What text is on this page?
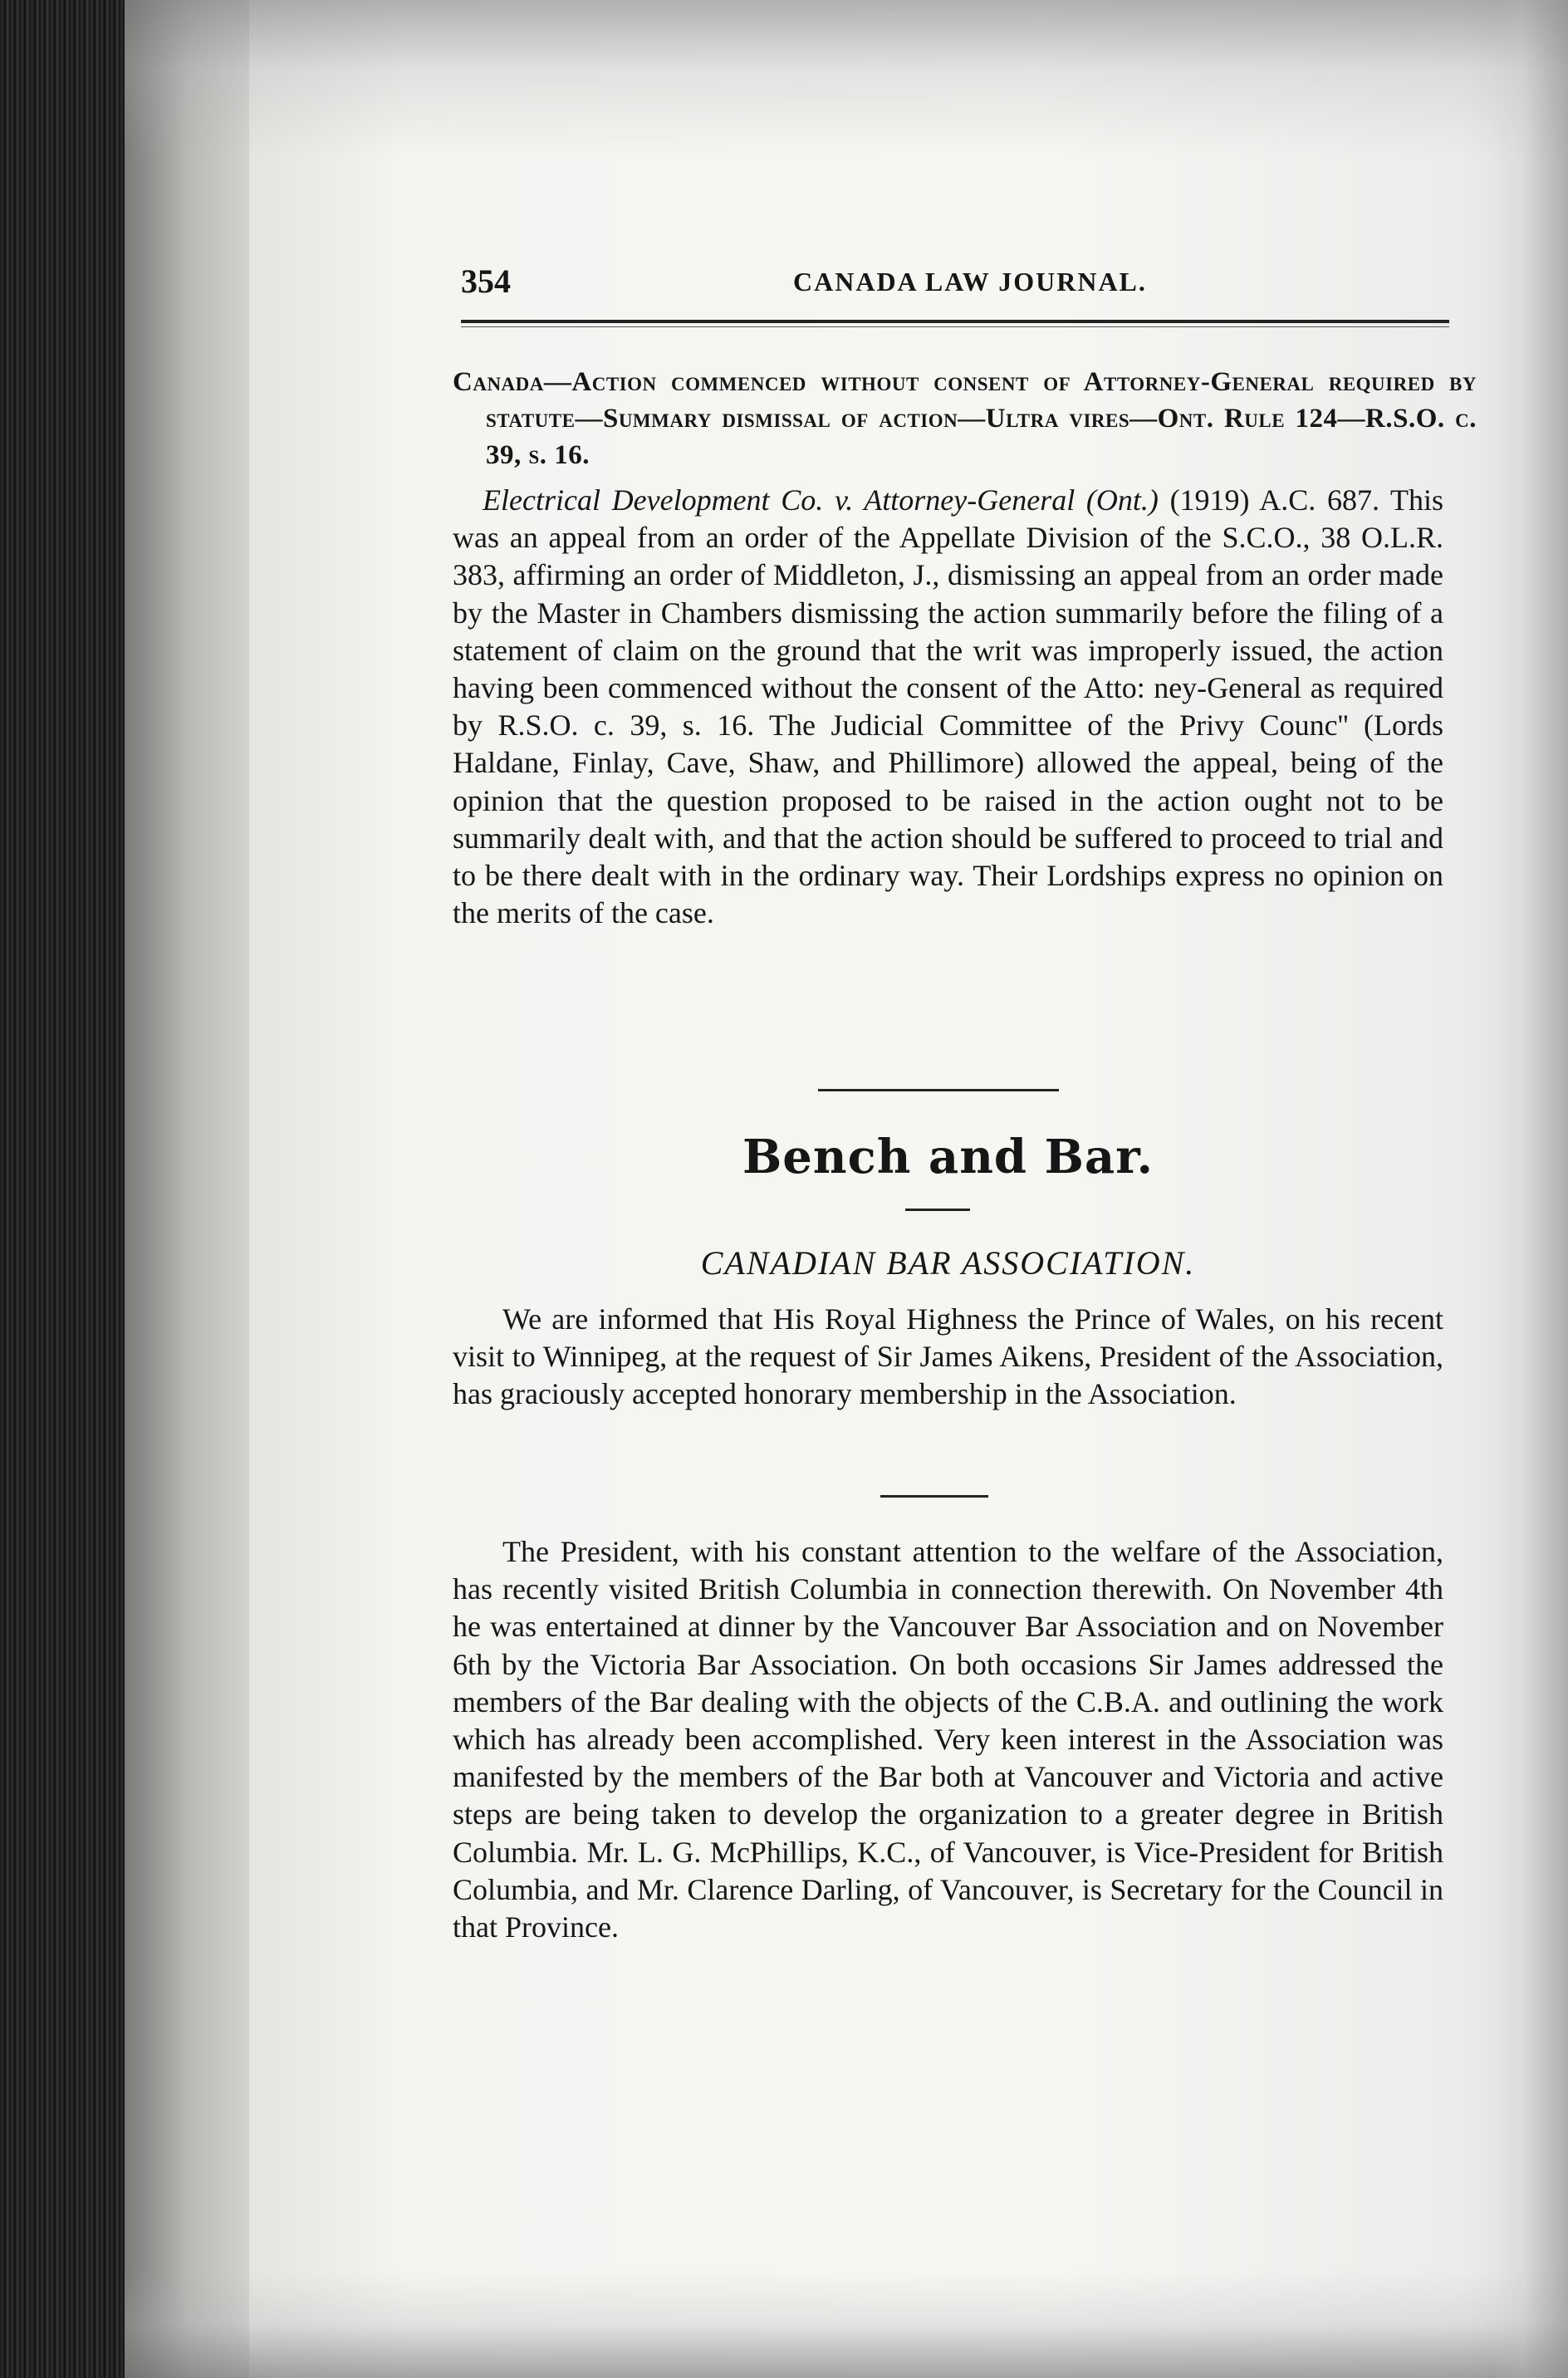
354	CANADA LAW JOURNAL.
Canada—Action commenced without consent of Attorney-General required by statute—Summary dismissal of action—Ultra vires—Ont. Rule 124—R.S.O. c. 39, s. 16.
Electrical Development Co. v. Attorney-General (Ont.) (1919) A.C. 687. This was an appeal from an order of the Appellate Division of the S.C.O., 38 O.L.R. 383, affirming an order of Middleton, J., dismissing an appeal from an order made by the Master in Chambers dismissing the action summarily before the filing of a statement of claim on the ground that the writ was improperly issued, the action having been commenced without the consent of the Atto: ney-General as required by R.S.O. c. 39, s. 16. The Judicial Committee of the Privy Counc'' (Lords Haldane, Finlay, Cave, Shaw, and Phillimore) allowed the appeal, being of the opinion that the question proposed to be raised in the action ought not to be summarily dealt with, and that the action should be suffered to proceed to trial and to be there dealt with in the ordinary way. Their Lordships express no opinion on the merits of the case.
Bench and Bar.
CANADIAN BAR ASSOCIATION.
We are informed that His Royal Highness the Prince of Wales, on his recent visit to Winnipeg, at the request of Sir James Aikens, President of the Association, has graciously accepted honorary membership in the Association.
The President, with his constant attention to the welfare of the Association, has recently visited British Columbia in connection therewith. On November 4th he was entertained at dinner by the Vancouver Bar Association and on November 6th by the Victoria Bar Association. On both occasions Sir James addressed the members of the Bar dealing with the objects of the C.B.A. and outlining the work which has already been accomplished. Very keen interest in the Association was manifested by the members of the Bar both at Vancouver and Victoria and active steps are being taken to develop the organization to a greater degree in British Columbia. Mr. L. G. McPhillips, K.C., of Vancouver, is Vice-President for British Columbia, and Mr. Clarence Darling, of Vancouver, is Secretary for the Council in that Province.
